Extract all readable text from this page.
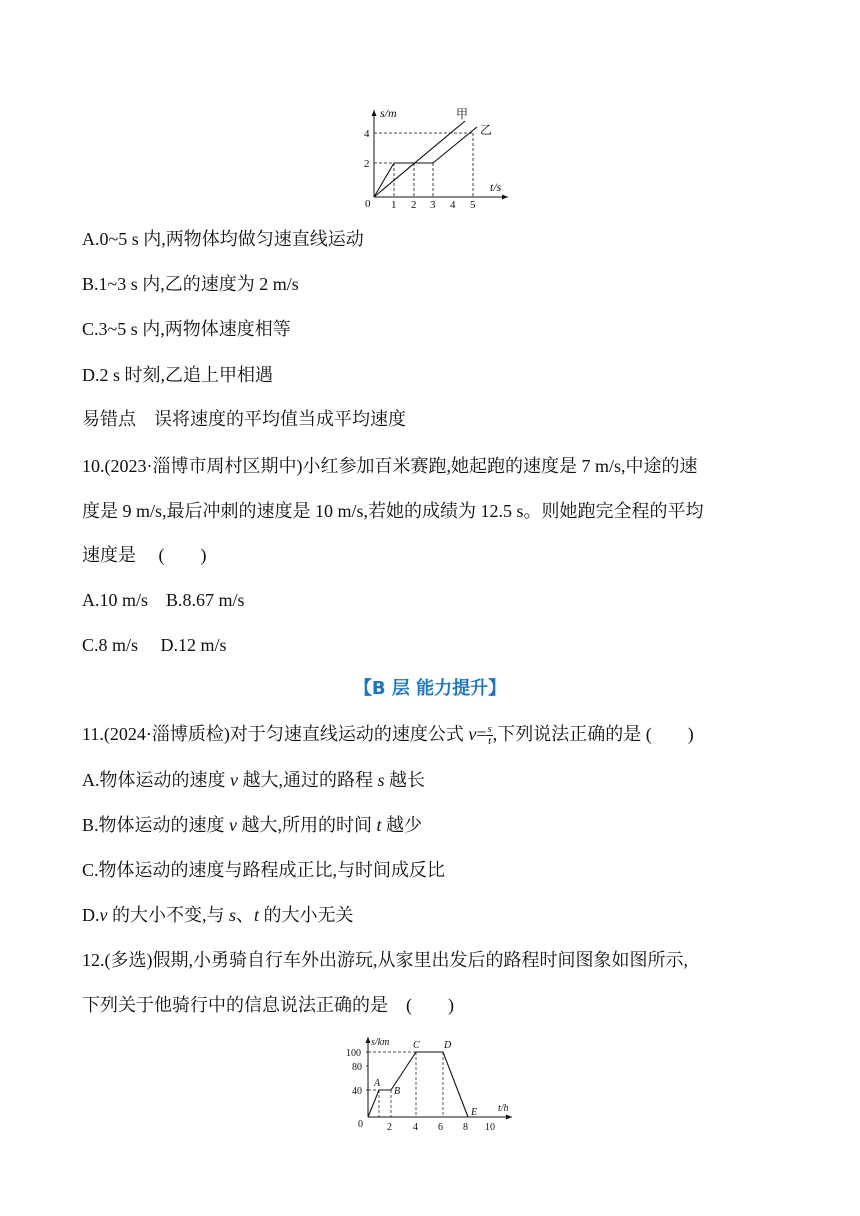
s/m
t/s
0
2
4
1 2 3 4 5
甲
乙
A.0~5 s 内,两物体均做匀速直线运动
B.1~3 s 内,乙的速度为 2 m/s
C.3~5 s 内,两物体速度相等
D.2 s 时刻,乙追上甲相遇
易错点　误将速度的平均值当成平均速度
10.(2023·淄博市周村区期中)小红参加百米赛跑,她起跑的速度是 7 m/s,中途的速
度是 9 m/s,最后冲刺的速度是 10 m/s,若她的成绩为 12.5 s。则她跑完全程的平均
速度是　 (　　)
A.10 m/s　B.8.67 m/s
C.8 m/s　 D.12 m/s
【B 层 能力提升】
11.(2024·淄博质检)对于匀速直线运动的速度公式 $v= \frac{s}{t}$ ,下列说法正确的是 (　　)
A.物体运动的速度 v 越大,通过的路程 s 越长
B.物体运动的速度 v 越大,所用的时间 t 越少
C.物体运动的速度与路程成正比,与时间成反比
D.v 的大小不变,与 s、t 的大小无关
12.(多选)假期,小勇骑自行车外出游玩,从家里出发后的路程时间图象如图所示,
下列关于他骑行中的信息说法正确的是　(　　)
s/km
t/h
0
40
80
100
2 4 6 8 10
A
B
C D
E
